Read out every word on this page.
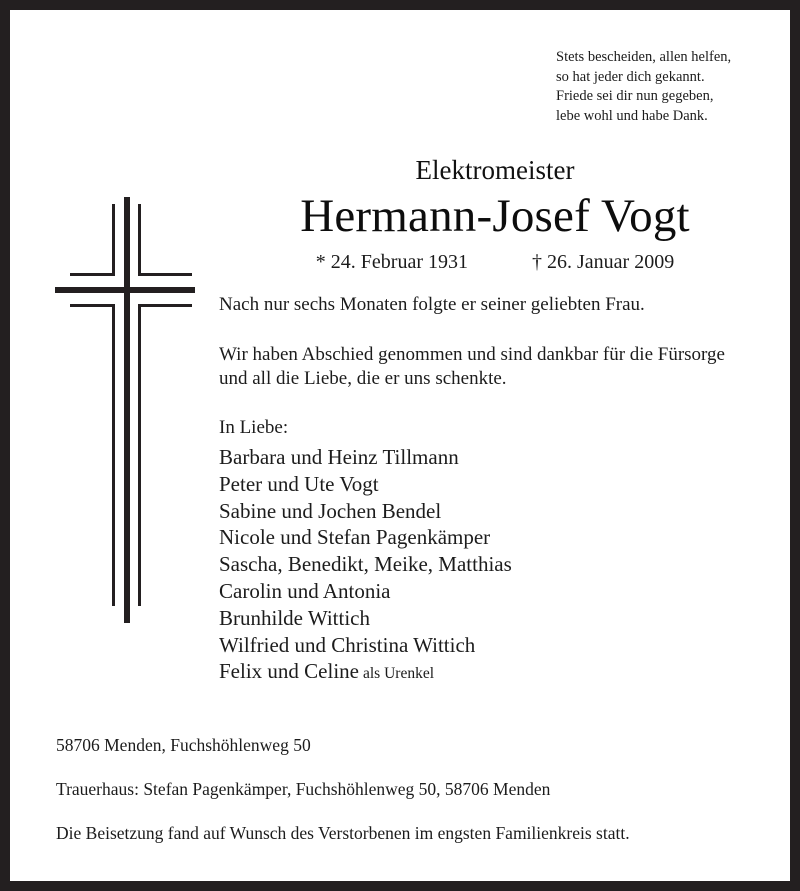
Stets bescheiden, allen helfen,
so hat jeder dich gekannt.
Friede sei dir nun gegeben,
lebe wohl und habe Dank.
Elektromeister
Hermann-Josef Vogt
* 24. Februar 1931	† 26. Januar 2009

Nach nur sechs Monaten folgte er seiner geliebten Frau.

Wir haben Abschied genommen und sind dankbar für die Fürsorge

und all die Liebe, die er uns schenkte.

In Liebe:

Barbara und Heinz Tillmann
Peter und Ute Vogt
Sabine und Jochen Bendel
Nicole und Stefan Pagenkämper
Sascha, Benedikt, Meike, Matthias
Carolin und Antonia
Brunhilde Wittich
Wilfried und Christina Wittich
Felix und Celine als Urenkel
58706 Menden, Fuchshöhlenweg 50
Trauerhaus: Stefan Pagenkämper, Fuchshöhlenweg 50, 58706 Menden
Die Beisetzung fand auf Wunsch des Verstorbenen im engsten Familienkreis statt.
